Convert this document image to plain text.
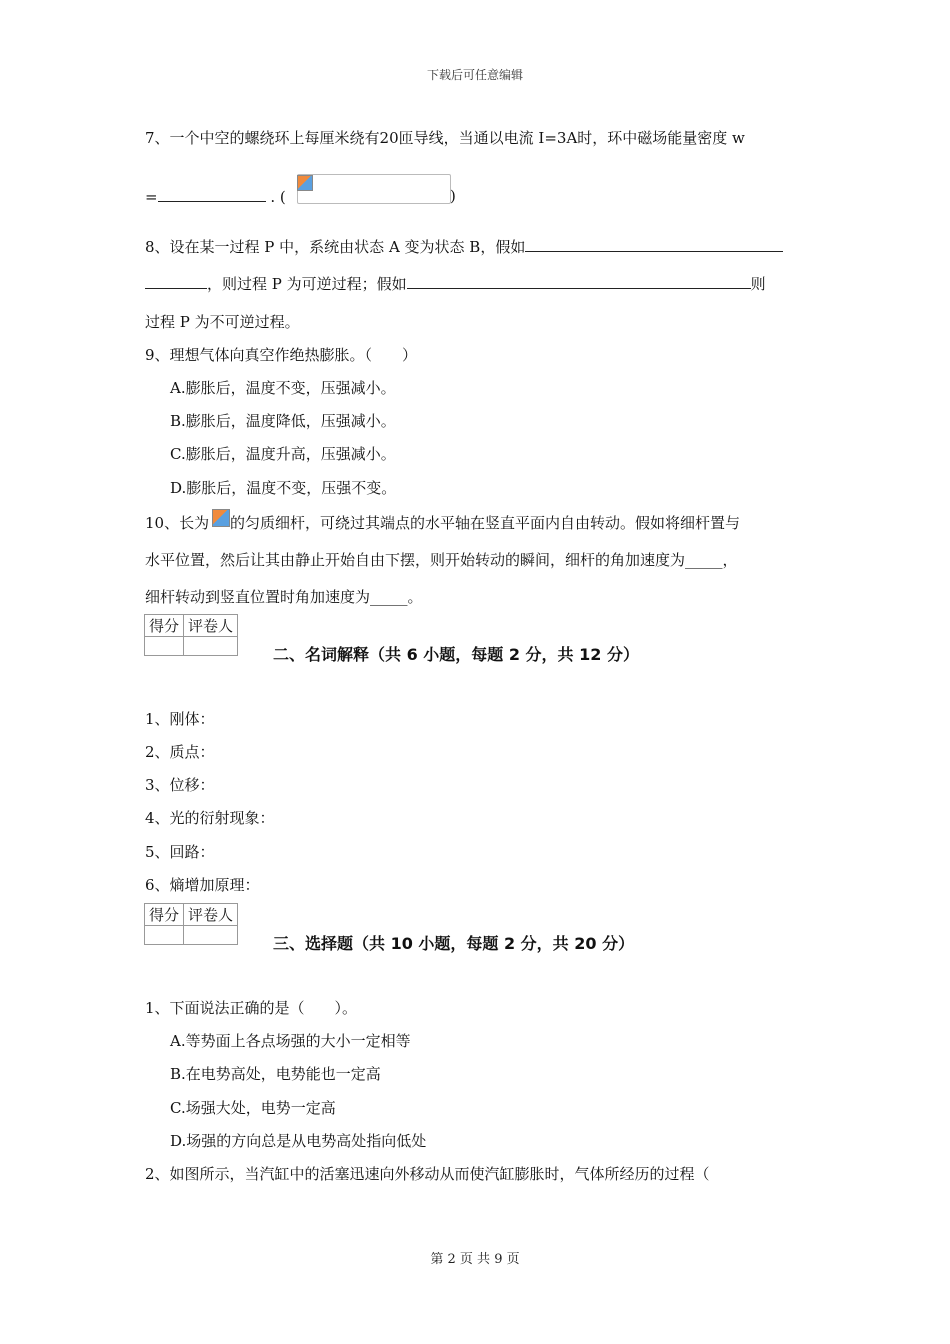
下载后可任意编辑
7、一个中空的螺绕环上每厘米绕有20匝导线，当通以电流 I=3A时，环中磁场能量密度 w
=	. (	)
8、设在某一过程 P 中，系统由状态 A 变为状态 B，假如
，则过程 P 为可逆过程；假如	则
过程 P 为不可逆过程。
9、理想气体向真空作绝热膨胀。（　　）
A.膨胀后，温度不变，压强减小。
B.膨胀后，温度降低，压强减小。
C.膨胀后，温度升高，压强减小。
D.膨胀后，温度不变，压强不变。
10、长为 的匀质细杆，可绕过其端点的水平轴在竖直平面内自由转动。假如将细杆置与
水平位置，然后让其由静止开始自由下摆，则开始转动的瞬间，细杆的角加速度为_____，
细杆转动到竖直位置时角加速度为_____。
得分	评卷人

二、名词解释（共 6 小题，每题 2 分，共 12 分）
1、刚体：
2、质点：
3、位移：
4、光的衍射现象：
5、回路：
6、熵增加原理：
得分	评卷人

三、选择题（共 10 小题，每题 2 分，共 20 分）
1、下面说法正确的是（　　）。
A.等势面上各点场强的大小一定相等
B.在电势高处，电势能也一定高
C.场强大处，电势一定高
D.场强的方向总是从电势高处指向低处
2、如图所示，当汽缸中的活塞迅速向外移动从而使汽缸膨胀时，气体所经历的过程（
第 2 页 共 9 页
